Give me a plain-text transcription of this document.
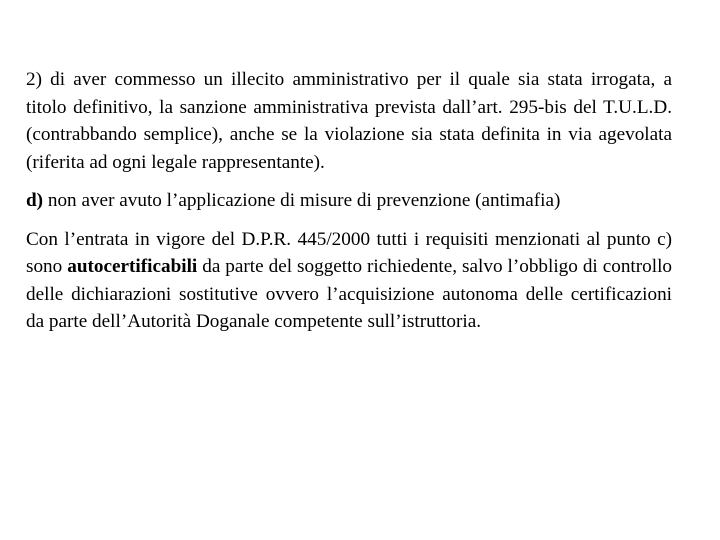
2) di aver commesso un illecito amministrativo per il quale sia stata irrogata, a titolo definitivo, la sanzione amministrativa prevista dall’art. 295-bis del T.U.L.D. (contrabbando semplice), anche se la violazione sia stata definita in via agevolata (riferita ad ogni legale rappresentante).

d) non aver avuto l’applicazione di misure di prevenzione (antimafia)

Con l’entrata in vigore del D.P.R. 445/2000 tutti i requisiti menzionati al punto c) sono autocertificabili da parte del soggetto richiedente, salvo l’obbligo di controllo delle dichiarazioni sostitutive ovvero l’acquisizione autonoma delle certificazioni da parte dell’Autorità Doganale competente sull’istruttoria.
